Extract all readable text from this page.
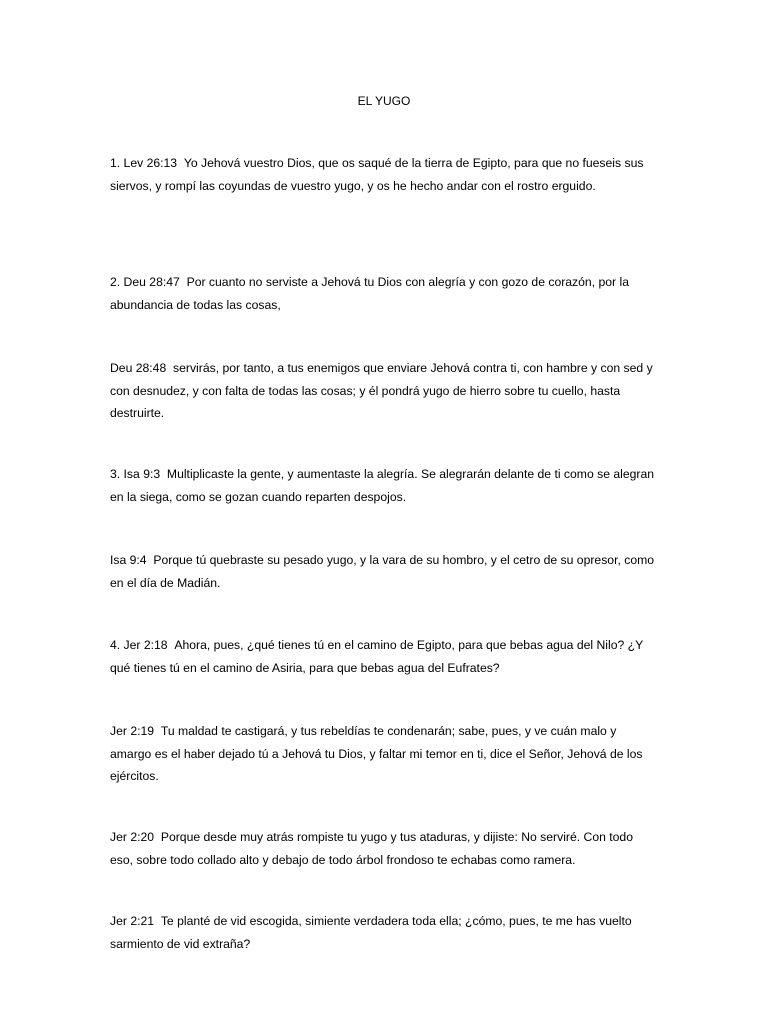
EL YUGO

1. Lev 26:13 Yo Jehová vuestro Dios, que os saqué de la tierra de Egipto, para que no fueseis sus siervos, y rompí las coyundas de vuestro yugo, y os he hecho andar con el rostro erguido.

2. Deu 28:47 Por cuanto no serviste a Jehová tu Dios con alegría y con gozo de corazón, por la abundancia de todas las cosas,

Deu 28:48 servirás, por tanto, a tus enemigos que enviare Jehová contra ti, con hambre y con sed y con desnudez, y con falta de todas las cosas; y él pondrá yugo de hierro sobre tu cuello, hasta destruirte.

3. Isa 9:3 Multiplicaste la gente, y aumentaste la alegría. Se alegrarán delante de ti como se alegran en la siega, como se gozan cuando reparten despojos.

Isa 9:4 Porque tú quebraste su pesado yugo, y la vara de su hombro, y el cetro de su opresor, como en el día de Madián.

4. Jer 2:18 Ahora, pues, ¿qué tienes tú en el camino de Egipto, para que bebas agua del Nilo? ¿Y qué tienes tú en el camino de Asiria, para que bebas agua del Eufrates?

Jer 2:19 Tu maldad te castigará, y tus rebeldías te condenarán; sabe, pues, y ve cuán malo y amargo es el haber dejado tú a Jehová tu Dios, y faltar mi temor en ti, dice el Señor, Jehová de los ejércitos.

Jer 2:20 Porque desde muy atrás rompiste tu yugo y tus ataduras, y dijiste: No serviré. Con todo eso, sobre todo collado alto y debajo de todo árbol frondoso te echabas como ramera.

Jer 2:21 Te planté de vid escogida, simiente verdadera toda ella; ¿cómo, pues, te me has vuelto sarmiento de vid extraña?
